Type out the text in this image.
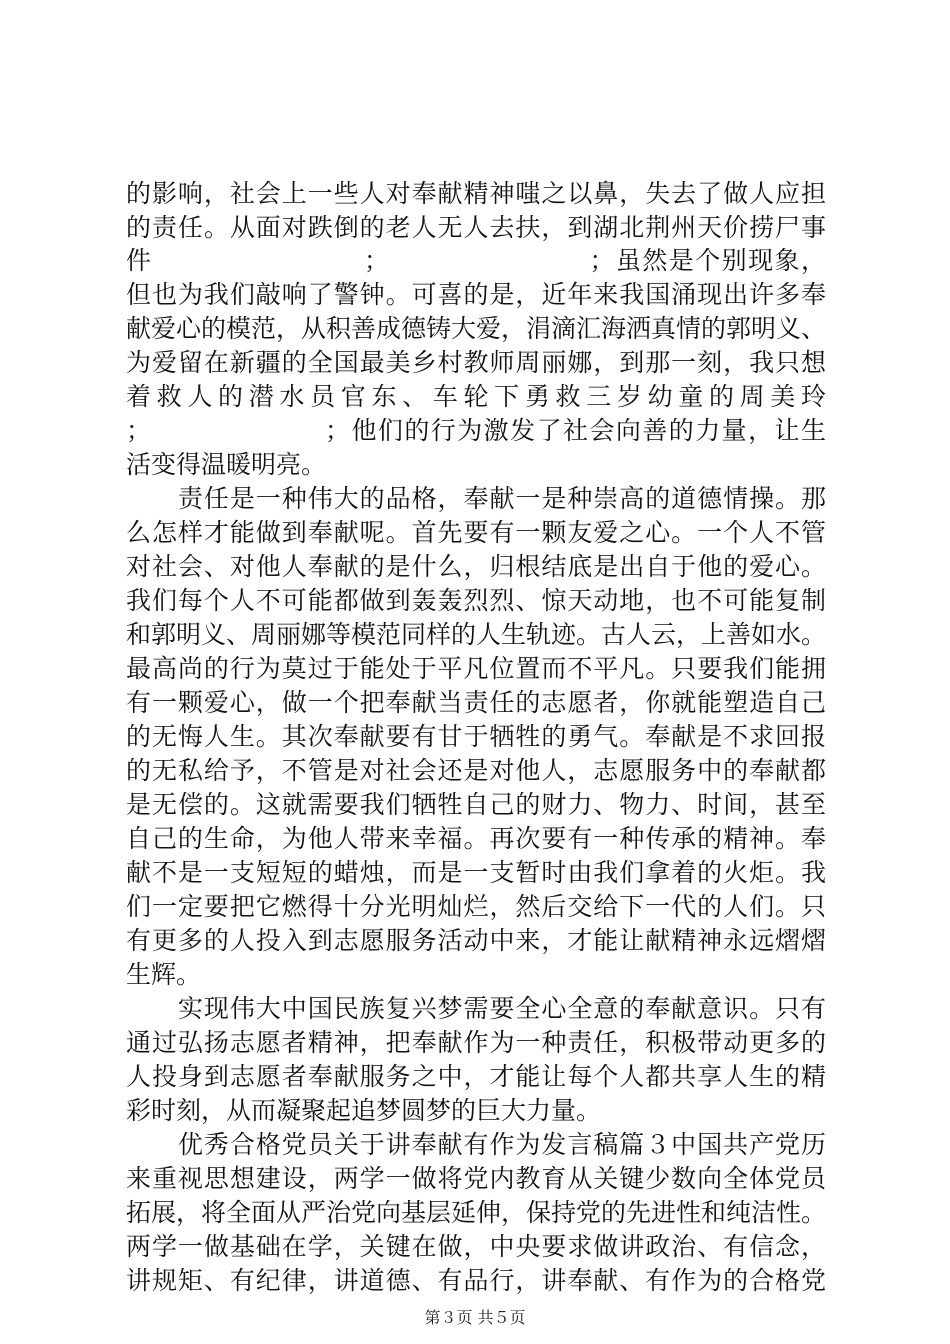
的影响，社会上一些人对奉献精神嗤之以鼻，失去了做人应担
的责任。从面对跌倒的老人无人去扶，到湖北荆州天价捞尸事
件　　　　　　　　；　　　　　　　　；虽然是个别现象，
但也为我们敲响了警钟。可喜的是，近年来我国涌现出许多奉
献爱心的模范，从积善成德铸大爱，涓滴汇海洒真情的郭明义、
为爱留在新疆的全国最美乡村教师周丽娜，到那一刻，我只想
着救人的潜水员官东、车轮下勇救三岁幼童的周美玲
；　　　　　　　；他们的行为激发了社会向善的力量，让生
活变得温暖明亮。
　　责任是一种伟大的品格，奉献一是种崇高的道德情操。那
么怎样才能做到奉献呢。首先要有一颗友爱之心。一个人不管
对社会、对他人奉献的是什么，归根结底是出自于他的爱心。
我们每个人不可能都做到轰轰烈烈、惊天动地，也不可能复制
和郭明义、周丽娜等模范同样的人生轨迹。古人云，上善如水。
最高尚的行为莫过于能处于平凡位置而不平凡。只要我们能拥
有一颗爱心，做一个把奉献当责任的志愿者，你就能塑造自己
的无悔人生。其次奉献要有甘于牺牲的勇气。奉献是不求回报
的无私给予，不管是对社会还是对他人，志愿服务中的奉献都
是无偿的。这就需要我们牺牲自己的财力、物力、时间，甚至
自己的生命，为他人带来幸福。再次要有一种传承的精神。奉
献不是一支短短的蜡烛，而是一支暂时由我们拿着的火炬。我
们一定要把它燃得十分光明灿烂，然后交给下一代的人们。只
有更多的人投入到志愿服务活动中来，才能让献精神永远熠熠
生辉。
　　实现伟大中国民族复兴梦需要全心全意的奉献意识。只有
通过弘扬志愿者精神，把奉献作为一种责任，积极带动更多的
人投身到志愿者奉献服务之中，才能让每个人都共享人生的精
彩时刻，从而凝聚起追梦圆梦的巨大力量。
　　优秀合格党员关于讲奉献有作为发言稿篇３中国共产党历
来重视思想建设，两学一做将党内教育从关键少数向全体党员
拓展，将全面从严治党向基层延伸，保持党的先进性和纯洁性。
两学一做基础在学，关键在做，中央要求做讲政治、有信念，
讲规矩、有纪律，讲道德、有品行，讲奉献、有作为的合格党
第３页 共５页
